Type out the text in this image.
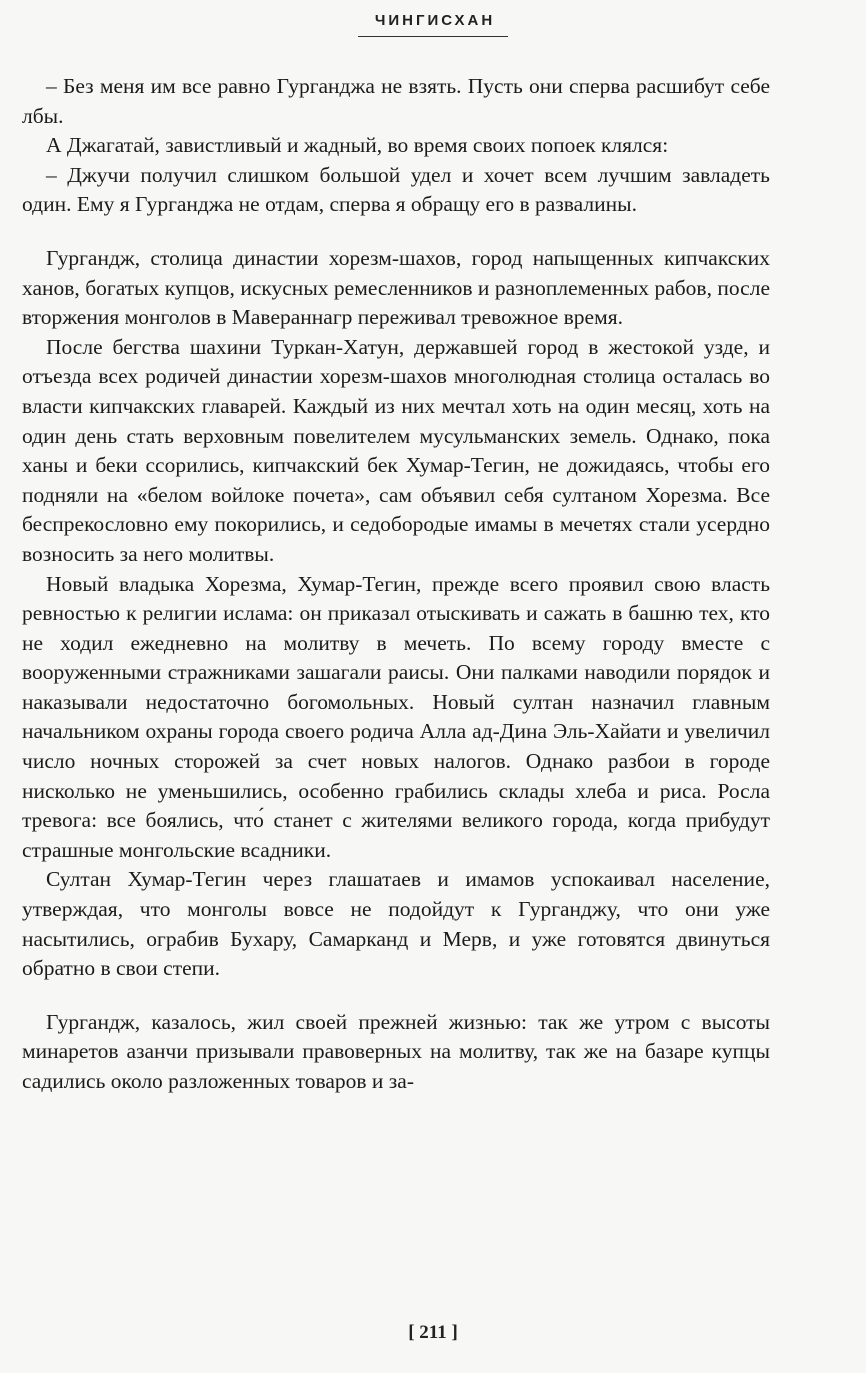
ЧИНГИСХАН

– Без меня им все равно Гурганджа не взять. Пусть они сперва расшибут себе лбы.

А Джагатай, завистливый и жадный, во время своих попоек клялся:

– Джучи получил слишком большой удел и хочет всем лучшим завладеть один. Ему я Гурганджа не отдам, сперва я обращу его в развалины.

Гургандж, столица династии хорезм-шахов, город напыщенных кипчакских ханов, богатых купцов, искусных ремесленников и разноплеменных рабов, после вторжения монголов в Мавераннагр переживал тревожное время.

После бегства шахини Туркан-Хатун, державшей город в жестокой узде, и отъезда всех родичей династии хорезм-шахов многолюдная столица осталась во власти кипчакских главарей. Каждый из них мечтал хоть на один месяц, хоть на один день стать верховным повелителем мусульманских земель. Однако, пока ханы и беки ссорились, кипчакский бек Хумар-Тегин, не дожидаясь, чтобы его подняли на «белом войлоке почета», сам объявил себя султаном Хорезма. Все беспрекословно ему покорились, и седобородые имамы в мечетях стали усердно возносить за него молитвы.

Новый владыка Хорезма, Хумар-Тегин, прежде всего проявил свою власть ревностью к религии ислама: он приказал отыскивать и сажать в башню тех, кто не ходил ежедневно на молитву в мечеть. По всему городу вместе с вооруженными стражниками зашагали раисы. Они палками наводили порядок и наказывали недостаточно богомольных. Новый султан назначил главным начальником охраны города своего родича Алла ад-Дина Эль-Хайати и увеличил число ночных сторожей за счет новых налогов. Однако разбои в городе нисколько не уменьшились, особенно грабились склады хлеба и риса. Росла тревога: все боялись, что́ станет с жителями великого города, когда прибудут страшные монгольские всадники.

Султан Хумар-Тегин через глашатаев и имамов успокаивал население, утверждая, что монголы вовсе не подойдут к Гурганджу, что они уже насытились, ограбив Бухару, Самарканд и Мерв, и уже готовятся двинуться обратно в свои степи.

Гургандж, казалось, жил своей прежней жизнью: так же утром с высоты минаретов азанчи призывали правоверных на молитву, так же на базаре купцы садились около разложенных товаров и за-

[ 211 ]
